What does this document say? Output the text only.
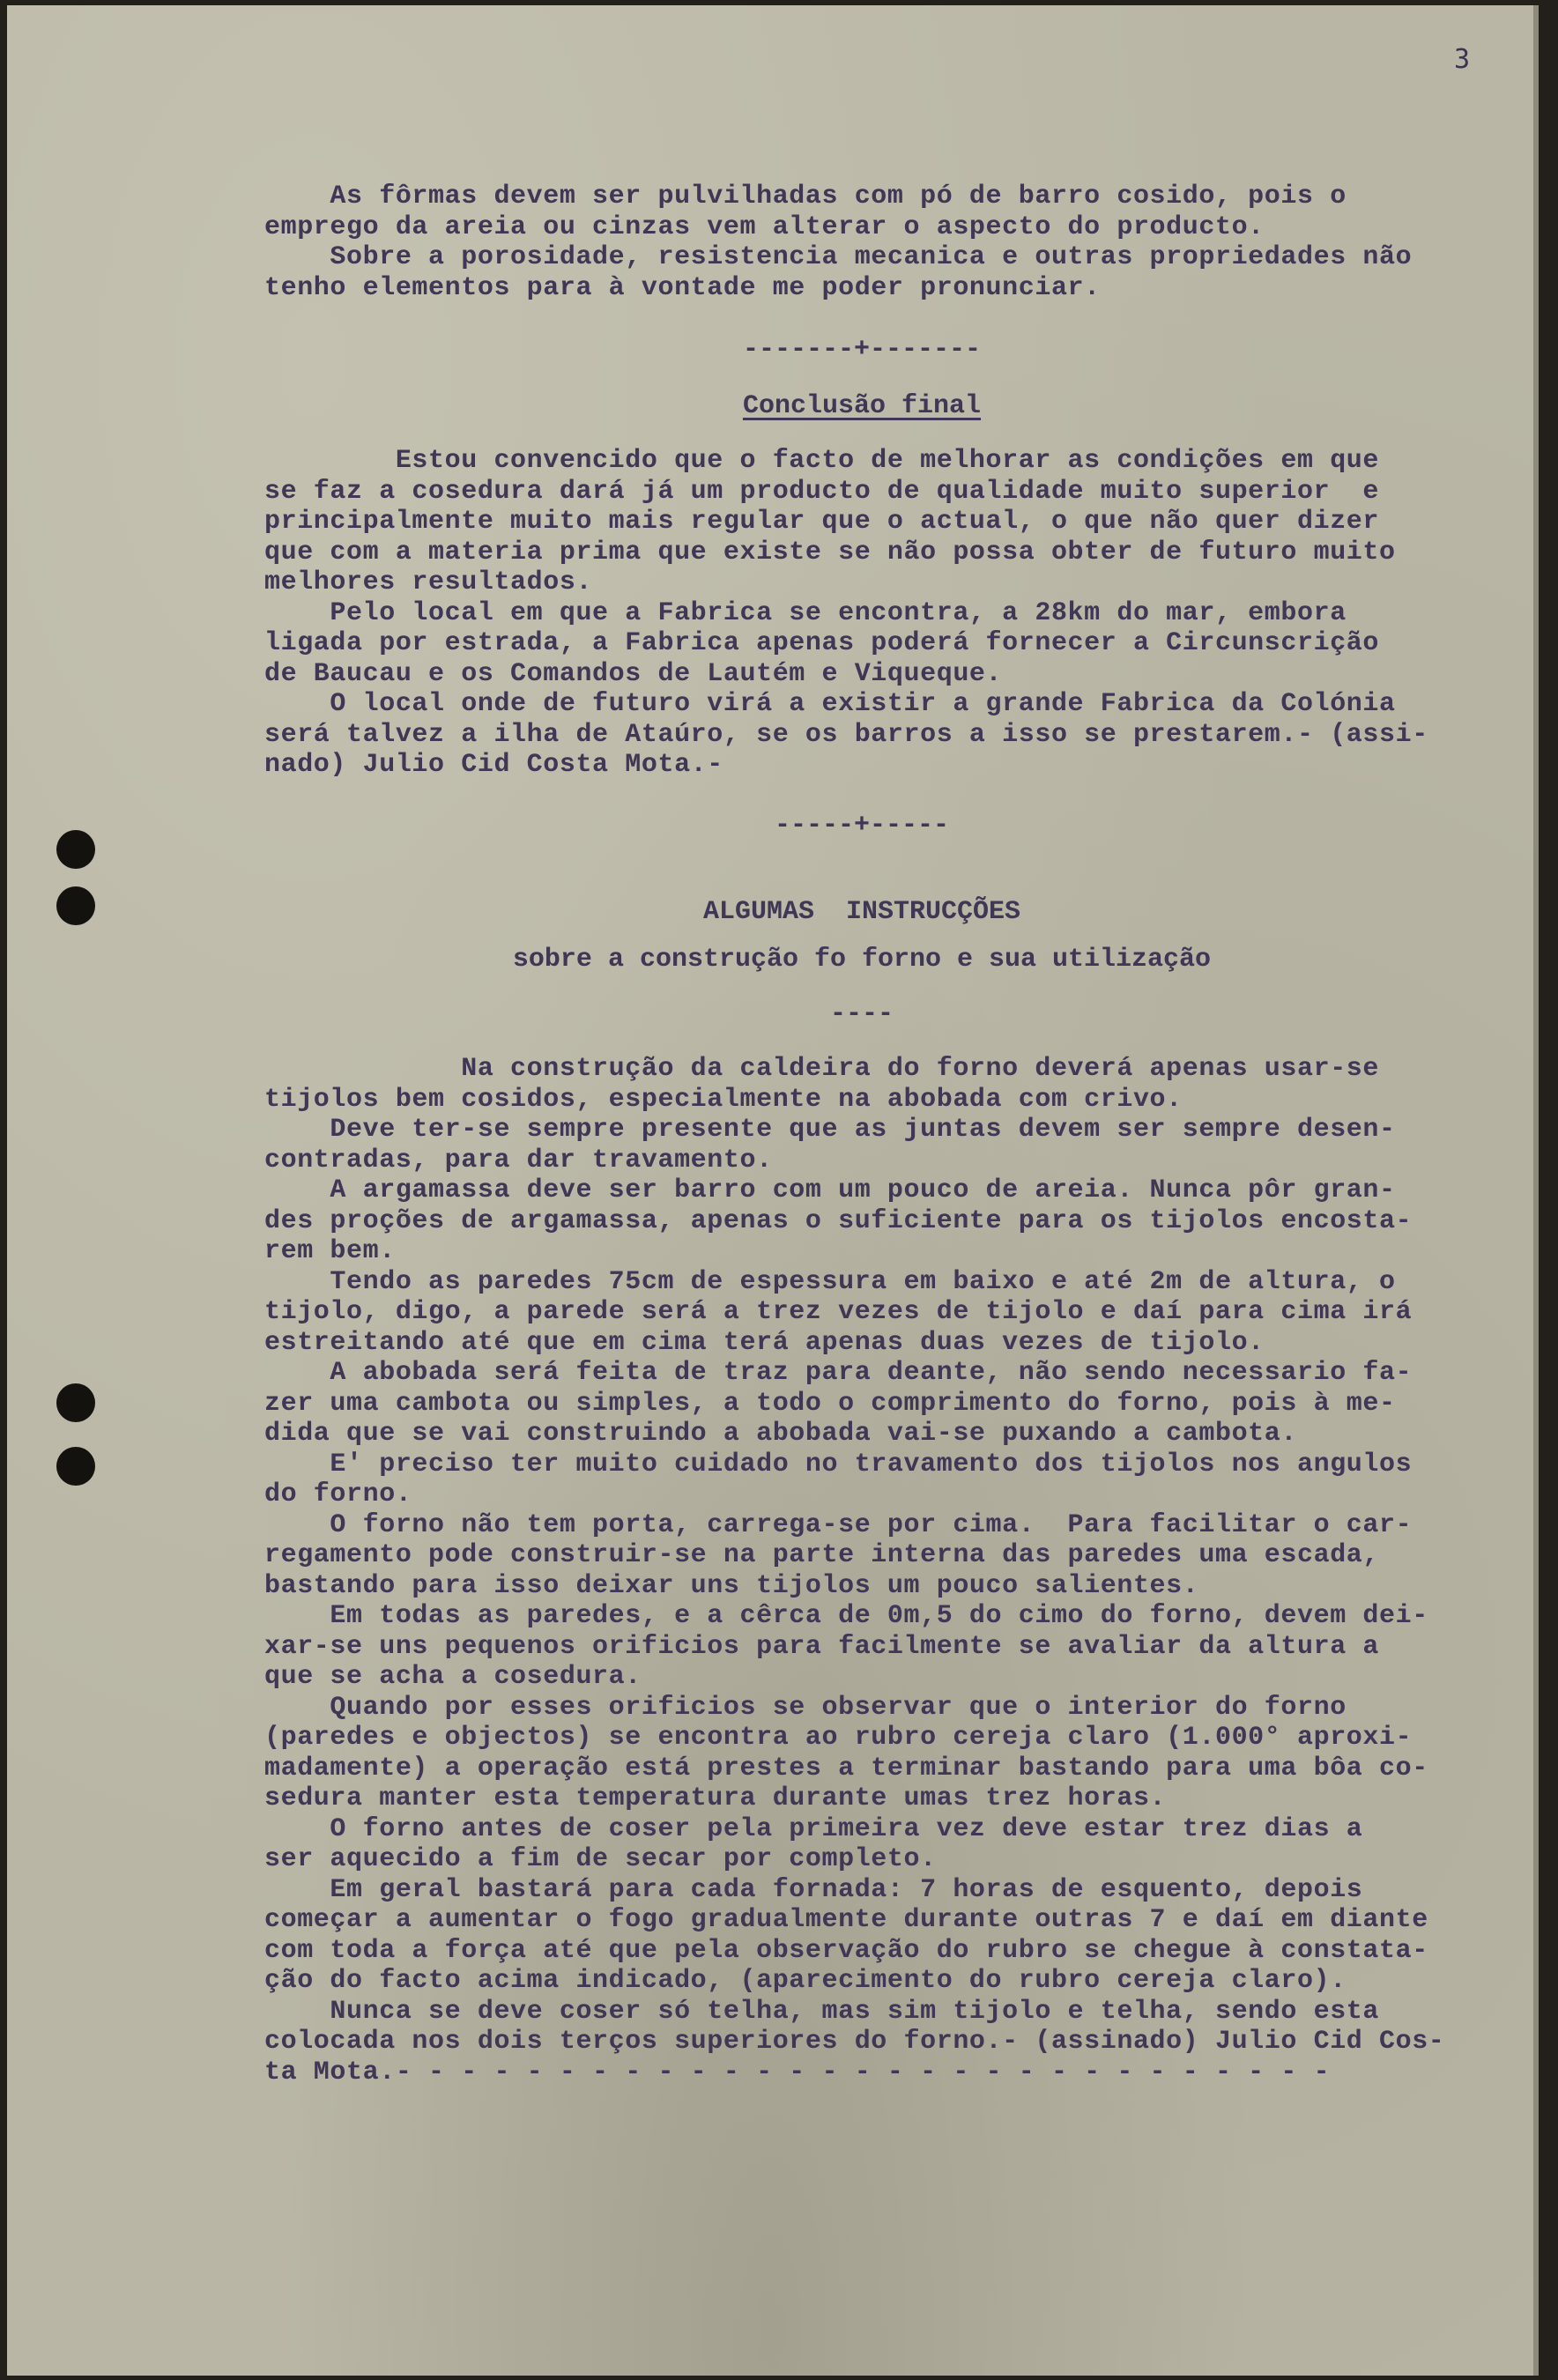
3
As fôrmas devem ser pulvilhadas com pó de barro cosido, pois o
emprego da areia ou cinzas vem alterar o aspecto do producto.
Sobre a porosidade, resistencia mecanica e outras propriedades não
tenho elementos para à vontade me poder pronunciar.
-------+-------
Conclusão final
Estou convencido que o facto de melhorar as condições em que
se faz a cosedura dará já um producto de qualidade muito superior  e
principalmente muito mais regular que o actual, o que não quer dizer
que com a materia prima que existe se não possa obter de futuro muito
melhores resultados.
Pelo local em que a Fabrica se encontra, a 28km do mar, embora
ligada por estrada, a Fabrica apenas poderá fornecer a Circunscrição
de Baucau e os Comandos de Lautém e Viqueque.
O local onde de futuro virá a existir a grande Fabrica da Colónia
será talvez a ilha de Ataúro, se os barros a isso se prestarem.- (assi-
nado) Julio Cid Costa Mota.-
-----+-----
ALGUMAS  INSTRUCÇÕES
sobre a construção fo forno e sua utilização
----
Na construção da caldeira do forno deverá apenas usar-se
tijolos bem cosidos, especialmente na abobada com crivo.
Deve ter-se sempre presente que as juntas devem ser sempre desen-
contradas, para dar travamento.
A argamassa deve ser barro com um pouco de areia. Nunca pôr gran-
des proções de argamassa, apenas o suficiente para os tijolos encosta-
rem bem.
Tendo as paredes 75cm de espessura em baixo e até 2m de altura, o
tijolo, digo, a parede será a trez vezes de tijolo e daí para cima irá
estreitando até que em cima terá apenas duas vezes de tijolo.
A abobada será feita de traz para deante, não sendo necessario fa-
zer uma cambota ou simples, a todo o comprimento do forno, pois à me-
dida que se vai construindo a abobada vai-se puxando a cambota.
E' preciso ter muito cuidado no travamento dos tijolos nos angulos
do forno.
O forno não tem porta, carrega-se por cima.  Para facilitar o car-
regamento pode construir-se na parte interna das paredes uma escada,
bastando para isso deixar uns tijolos um pouco salientes.
Em todas as paredes, e a cêrca de 0m,5 do cimo do forno, devem dei-
xar-se uns pequenos orificios para facilmente se avaliar da altura a
que se acha a cosedura.
Quando por esses orificios se observar que o interior do forno
(paredes e objectos) se encontra ao rubro cereja claro (1.000° aproxi-
madamente) a operação está prestes a terminar bastando para uma bôa co-
sedura manter esta temperatura durante umas trez horas.
O forno antes de coser pela primeira vez deve estar trez dias a
ser aquecido a fim de secar por completo.
Em geral bastará para cada fornada: 7 horas de esquento, depois
começar a aumentar o fogo gradualmente durante outras 7 e daí em diante
com toda a força até que pela observação do rubro se chegue à constata-
ção do facto acima indicado, (aparecimento do rubro cereja claro).
Nunca se deve coser só telha, mas sim tijolo e telha, sendo esta
colocada nos dois terços superiores do forno.- (assinado) Julio Cid Cos-
ta Mota.- - - - - - - - - - - - - - - - - - - - - - - - - - - - -
